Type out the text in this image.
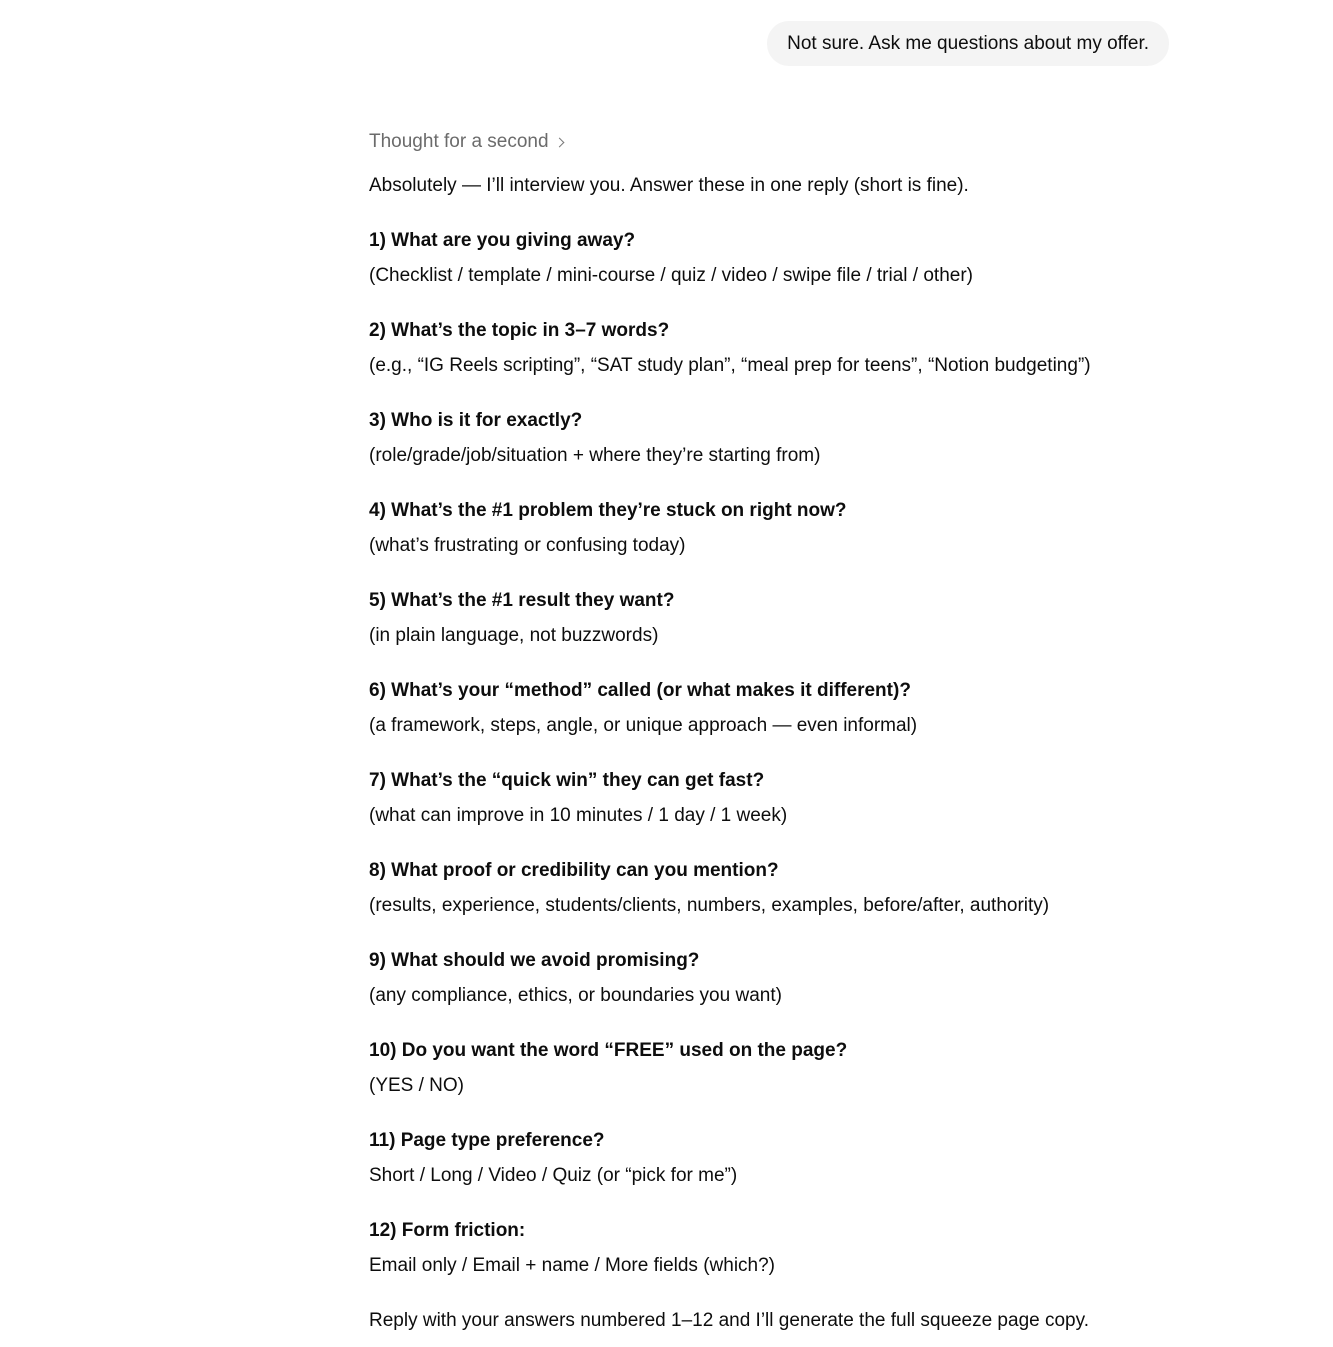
Not sure. Ask me questions about my offer.
Thought for a second
Absolutely — I’ll interview you. Answer these in one reply (short is fine).
1) What are you giving away?
(Checklist / template / mini-course / quiz / video / swipe file / trial / other)
2) What’s the topic in 3–7 words?
(e.g., “IG Reels scripting”, “SAT study plan”, “meal prep for teens”, “Notion budgeting”)
3) Who is it for exactly?
(role/grade/job/situation + where they’re starting from)
4) What’s the #1 problem they’re stuck on right now?
(what’s frustrating or confusing today)
5) What’s the #1 result they want?
(in plain language, not buzzwords)
6) What’s your “method” called (or what makes it different)?
(a framework, steps, angle, or unique approach — even informal)
7) What’s the “quick win” they can get fast?
(what can improve in 10 minutes / 1 day / 1 week)
8) What proof or credibility can you mention?
(results, experience, students/clients, numbers, examples, before/after, authority)
9) What should we avoid promising?
(any compliance, ethics, or boundaries you want)
10) Do you want the word “FREE” used on the page?
(YES / NO)
11) Page type preference?
Short / Long / Video / Quiz (or “pick for me”)
12) Form friction:
Email only / Email + name / More fields (which?)
Reply with your answers numbered 1–12 and I’ll generate the full squeeze page copy.
